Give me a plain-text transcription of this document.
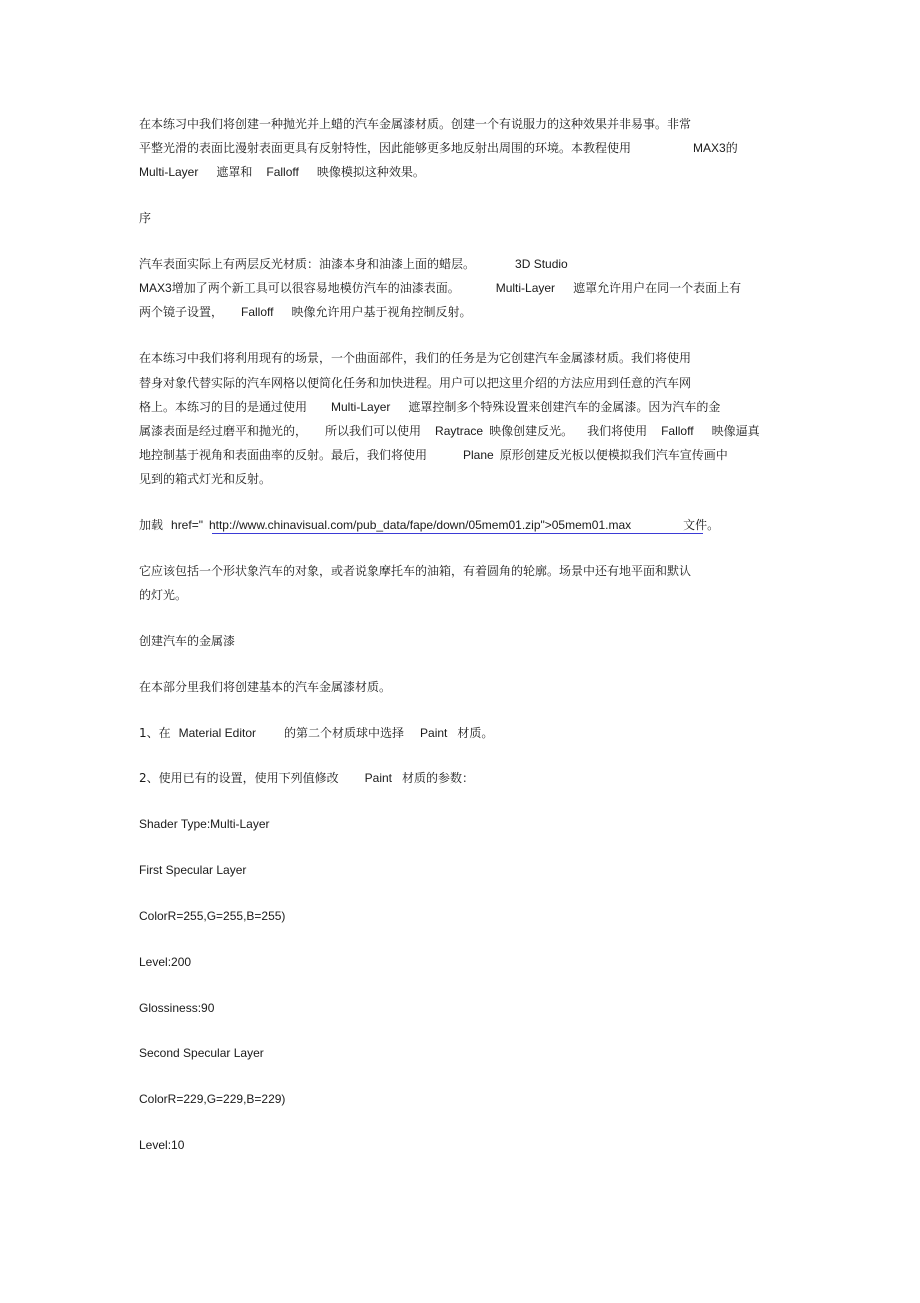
在本练习中我们将创建一种抛光并上蜡的汽车金属漆材质。创建一个有说服力的这种效果并非易事。非常
平整光滑的表面比漫射表面更具有反射特性，因此能够更多地反射出周围的环境。本教程使用	MAX3的
Multi-Layer 遮罩和 Falloff 映像模拟这种效果。
序
汽车表面实际上有两层反光材质：油漆本身和油漆上面的蜡层。	3D Studio
MAX3增加了两个新工具可以很容易地模仿汽车的油漆表面。	Multi-Layer 遮罩允许用户在同一个表面上有
两个镜子设置， Falloff 映像允许用户基于视角控制反射。
在本练习中我们将利用现有的场景，一个曲面部件，我们的任务是为它创建汽车金属漆材质。我们将使用
替身对象代替实际的汽车网格以便简化任务和加快进程。用户可以把这里介绍的方法应用到任意的汽车网
格上。本练习的目的是通过使用 Multi-Layer 遮罩控制多个特殊设置来创建汽车的金属漆。因为汽车的金
属漆表面是经过磨平和抛光的， 所以我们可以使用 Raytrace 映像创建反光。 我们将使用 Falloff 映像逼真
地控制基于视角和表面曲率的反射。最后，我们将使用	Plane 原形创建反光板以便模拟我们汽车宣传画中
见到的箱式灯光和反射。
加载 href=" http://www.chinavisual.com/pub_data/fape/down/05mem01.zip">05mem01.max	文件。
它应该包括一个形状象汽车的对象，或者说象摩托车的油箱，有着圆角的轮廓。场景中还有地平面和默认
的灯光。
创建汽车的金属漆
在本部分里我们将创建基本的汽车金属漆材质。
1、在 Material Editor 的第二个材质球中选择 Paint 材质。
2、使用已有的设置，使用下列值修改 Paint 材质的参数：
Shader Type:Multi-Layer
First Specular Layer
ColorR=255,G=255,B=255)
Level:200
Glossiness:90
Second Specular Layer
ColorR=229,G=229,B=229)
Level:10
